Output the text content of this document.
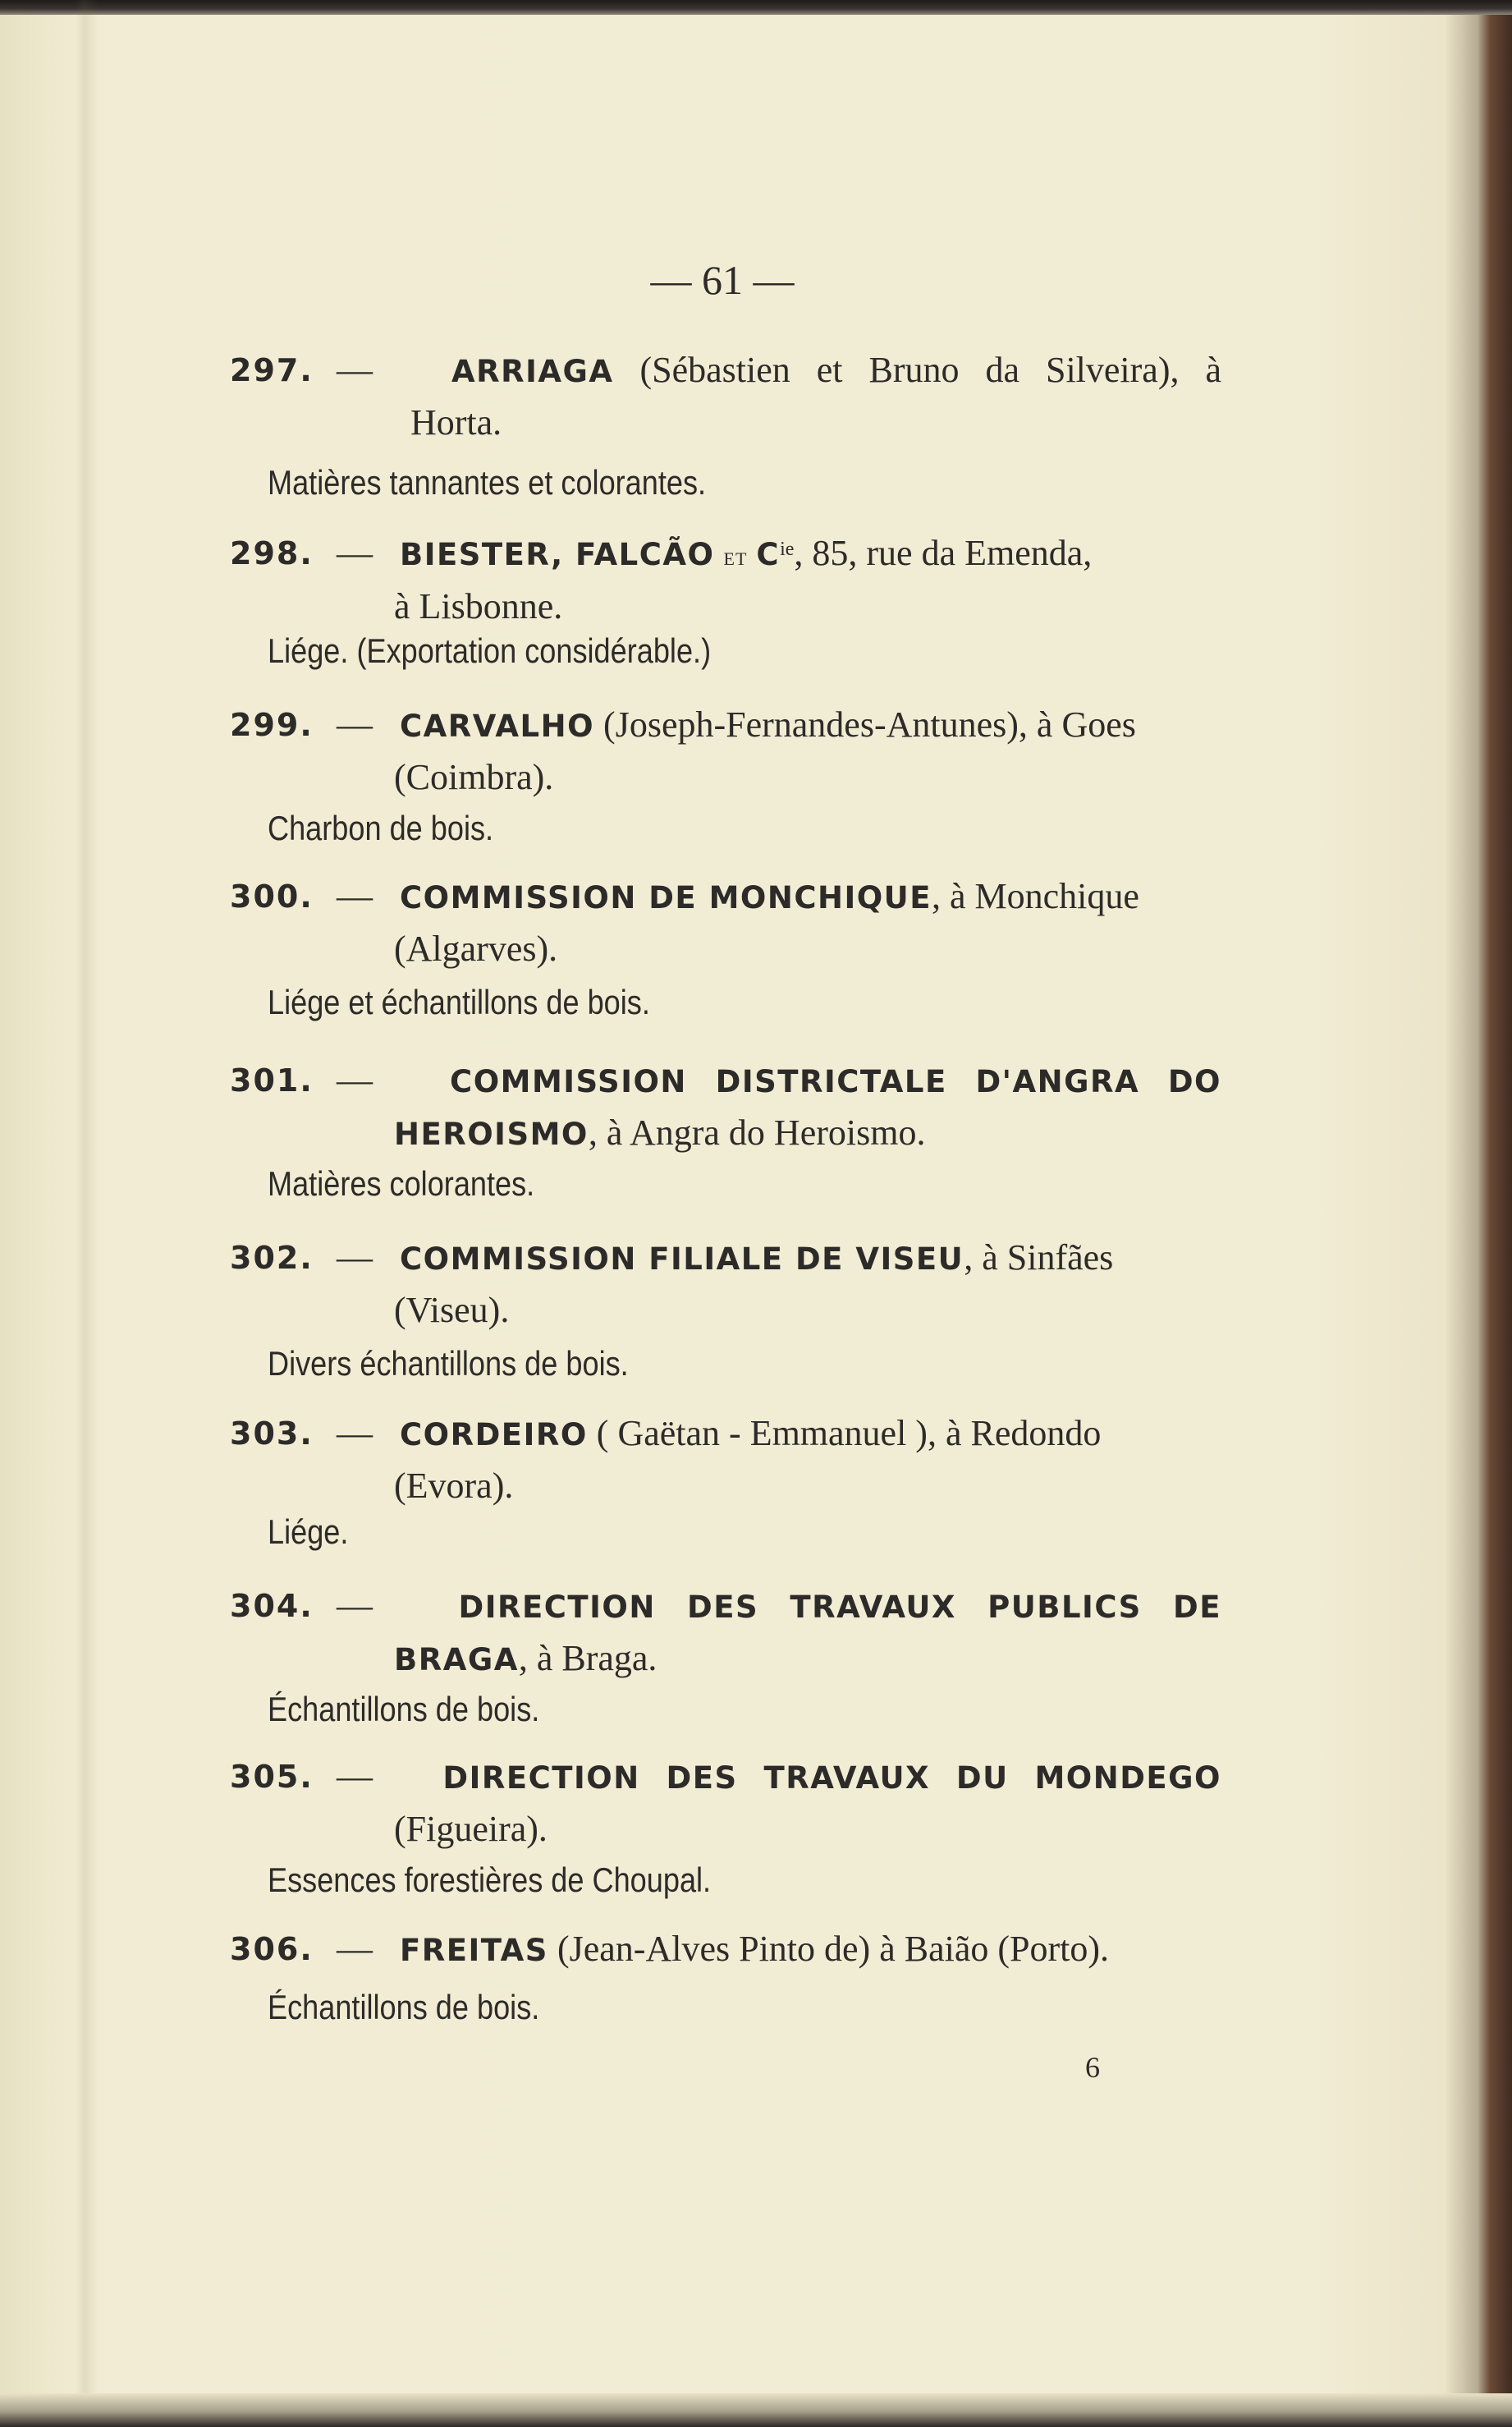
— 61 —
297. —	ARRIAGA (Sébastien et Bruno da Silveira), à
Horta.
Matières tannantes et colorantes.
298. — BIESTER, FALCÃO et $C^{ie}$, 85, rue da Emenda,
à Lisbonne.
Liége. (Exportation considérable.)
299. — CARVALHO (Joseph-Fernandes-Antunes), à Goes
(Coimbra).
Charbon de bois.
300. — COMMISSION DE MONCHIQUE, à Monchique
(Algarves).
Liége et échantillons de bois.
301. —	COMMISSION DISTRICTALE D'ANGRA DO
HEROISMO, à Angra do Heroismo.
Matières colorantes.
302. — COMMISSION FILIALE DE VISEU, à Sinfães
(Viseu).
Divers échantillons de bois.
303. — CORDEIRO ( Gaëtan - Emmanuel ), à Redondo
(Evora).
Liége.
304. —	DIRECTION DES TRAVAUX PUBLICS DE
BRAGA, à Braga.
Échantillons de bois.
305. — DIRECTION DES TRAVAUX DU MONDEGO
(Figueira).
Essences forestières de Choupal.
306. — FREITAS (Jean-Alves Pinto de) à Baião (Porto).
Échantillons de bois.
6
